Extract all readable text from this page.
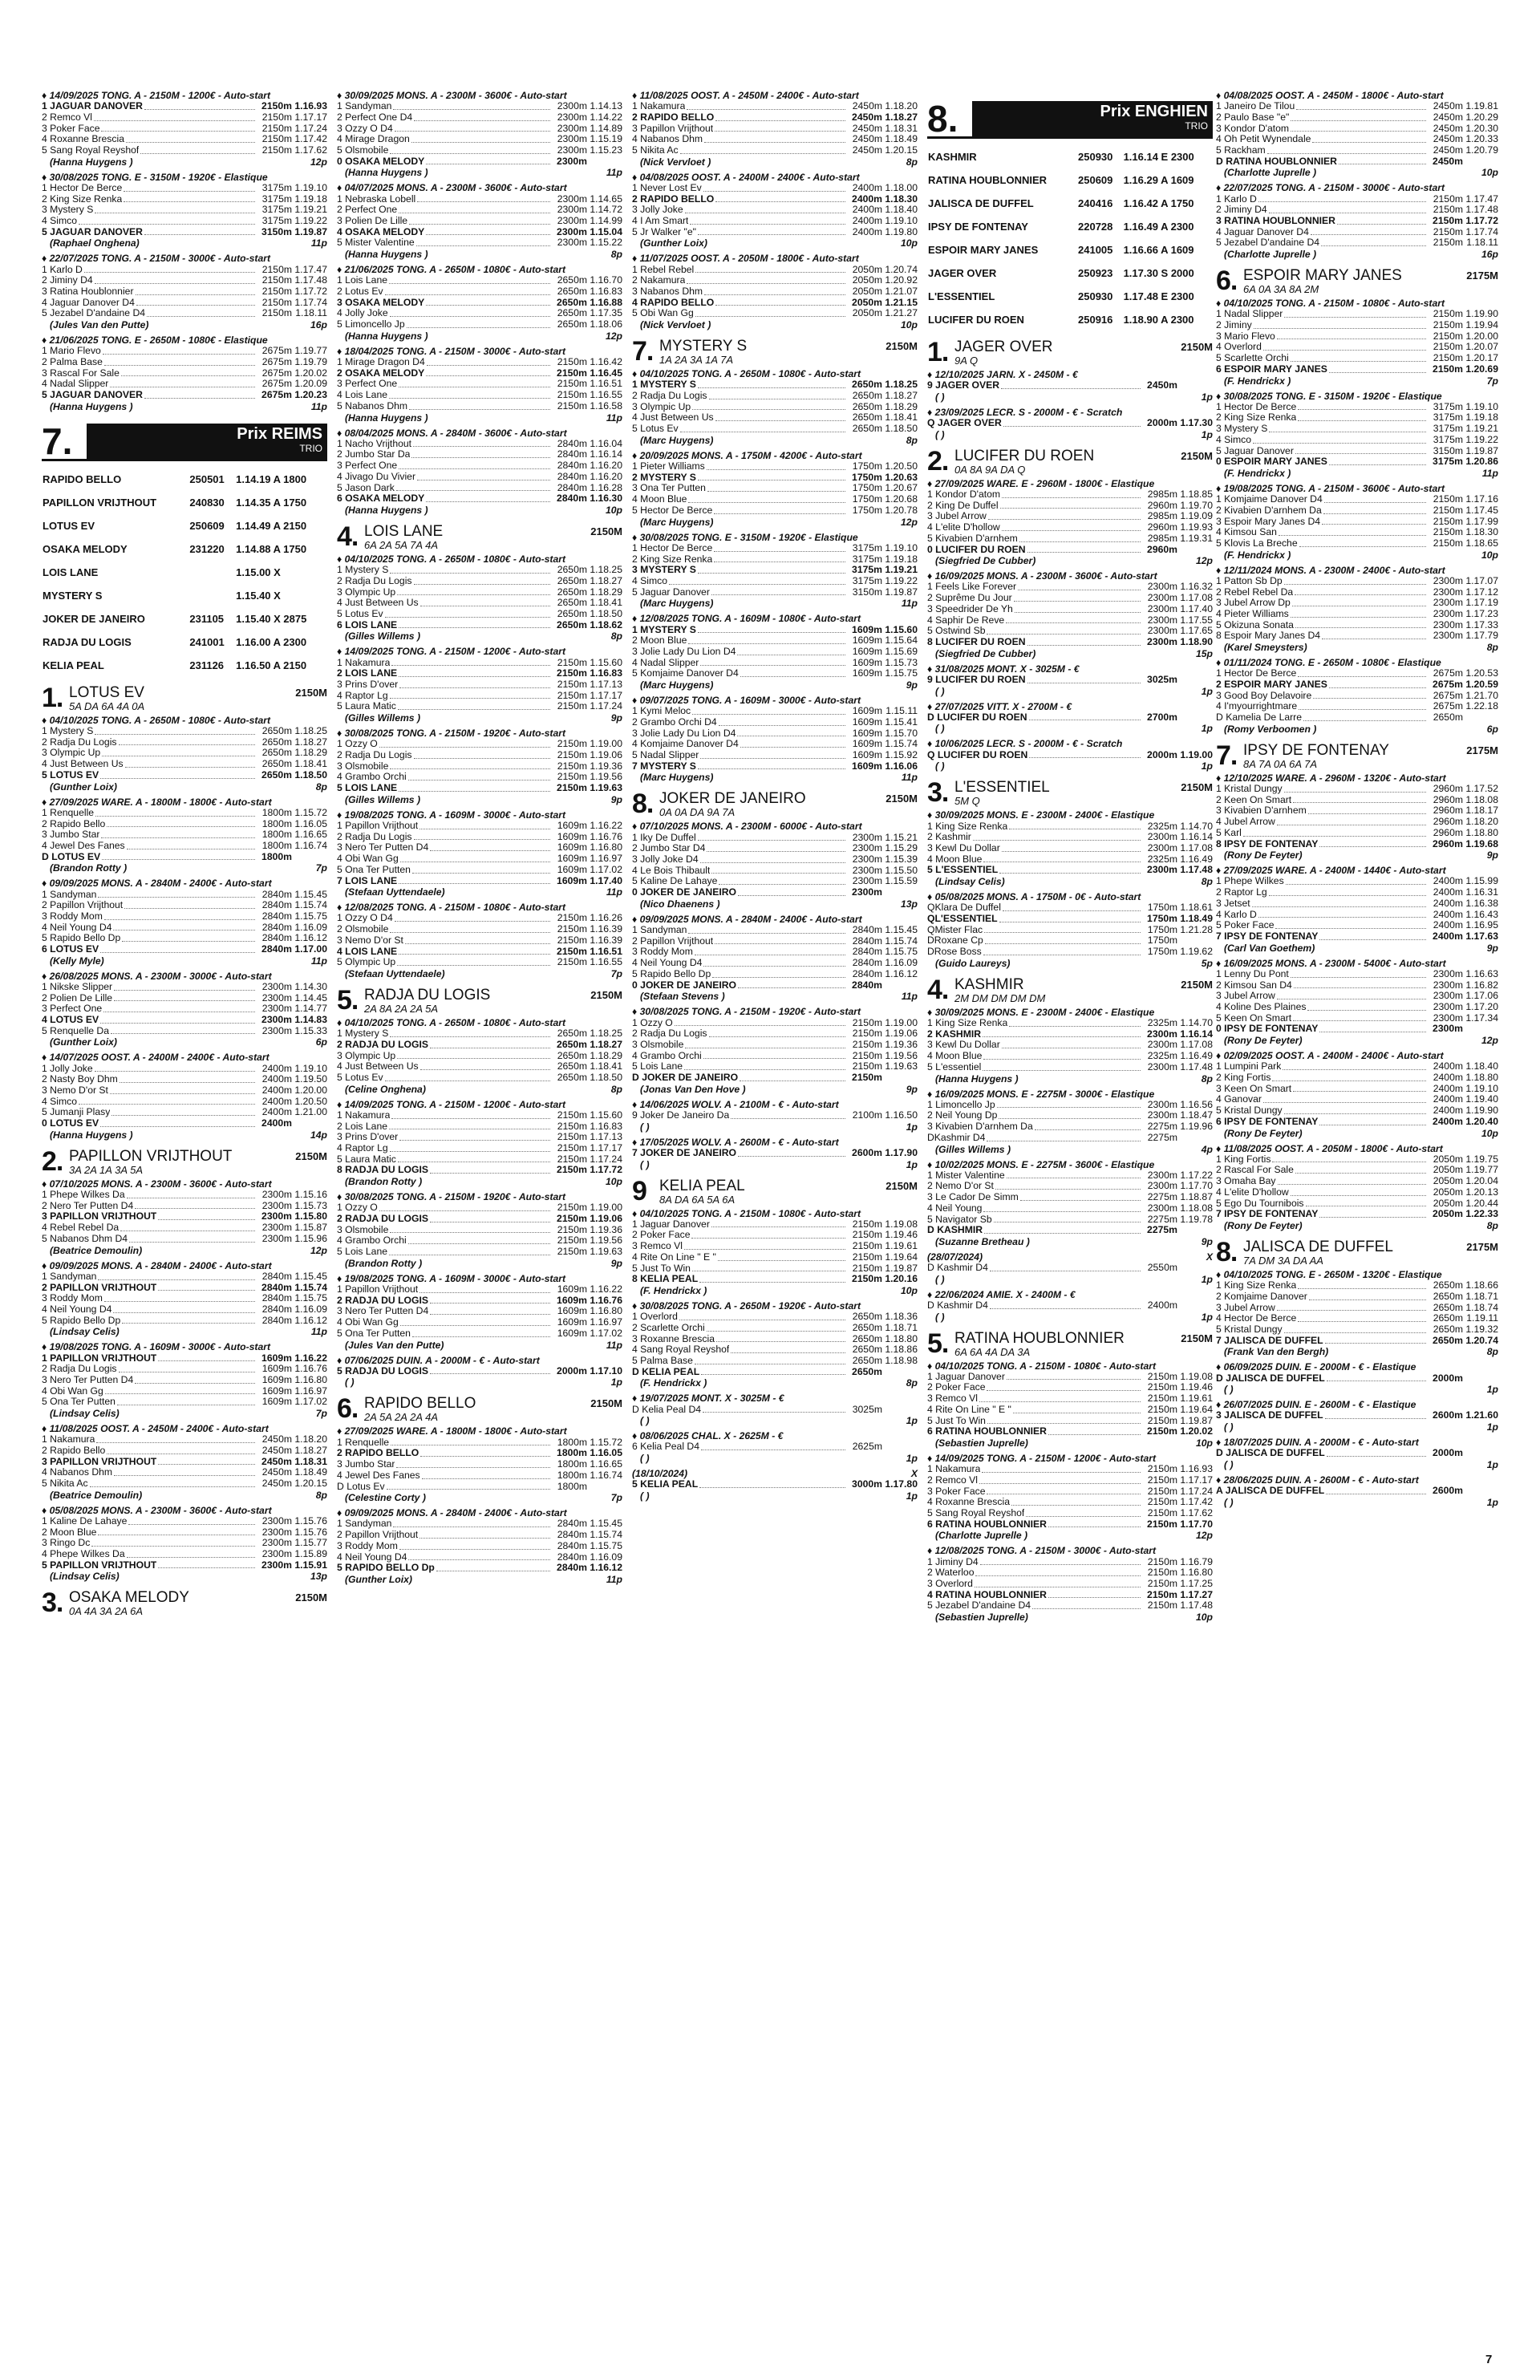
♦ 14/09/2025 TONG. A - 2150M - 1200€ - Auto-start
1 JAGUAR DANOVER	2150m 1.16.93
2 Remco Vl	2150m 1.17.17
3 Poker Face	2150m 1.17.24
4 Roxanne Brescia	2150m 1.17.42
5 Sang Royal Reyshof	2150m 1.17.62
(Hanna Huygens )	12p
♦ 30/08/2025 TONG. E - 3150M - 1920€ - Elastique
1 Hector De Berce	3175m 1.19.10
2 King Size Renka	3175m 1.19.18
3 Mystery S	3175m 1.19.21
4 Simco	3175m 1.19.22
5 JAGUAR DANOVER	3150m 1.19.87
(Raphael Onghena)	11p
♦ 22/07/2025 TONG. A - 2150M - 3000€ - Auto-start
1 Karlo D	2150m 1.17.47
2 Jiminy D4	2150m 1.17.48
3 Ratina Houblonnier	2150m 1.17.72
4 Jaguar Danover D4	2150m 1.17.74
5 Jezabel D'andaine D4	2150m 1.18.11
(Jules Van den Putte)	16p
♦ 21/06/2025 TONG. E - 2650M - 1080€ - Elastique
1 Mario Flevo	2675m 1.19.77
2 Palma Base	2675m 1.19.79
3 Rascal For Sale	2675m 1.20.02
4 Nadal Slipper	2675m 1.20.09
5 JAGUAR DANOVER	2675m 1.20.23
(Hanna Huygens )	11p
7.	Prix REIMS
TRIO
RAPIDO BELLO	250501	1.14.19 A 1800
PAPILLON VRIJTHOUT	240830	1.14.35 A 1750
LOTUS EV	250609	1.14.49 A 2150
OSAKA MELODY	231220	1.14.88 A 1750
LOIS LANE		1.15.00 X
MYSTERY S		1.15.40 X
JOKER DE JANEIRO	231105	1.15.40 X 2875
RADJA DU LOGIS	241001	1.16.00 A 2300
KELIA PEAL	231126	1.16.50 A 2150
1. LOTUS EV	2150M
5A DA 6A 4A 0A
♦ 04/10/2025 TONG. A - 2650M - 1080€ - Auto-start
1 Mystery S	2650m 1.18.25
2 Radja Du Logis	2650m 1.18.27
3 Olympic Up	2650m 1.18.29
4 Just Between Us	2650m 1.18.41
5 LOTUS EV	2650m 1.18.50
(Gunther Loix)	8p
♦ 27/09/2025 WARE. A - 1800M - 1800€ - Auto-start
1 Renquelle	1800m 1.15.72
2 Rapido Bello	1800m 1.16.05
3 Jumbo Star	1800m 1.16.65
4 Jewel Des Fanes	1800m 1.16.74
D LOTUS EV	1800m
(Brandon Rotty )	7p
♦ 09/09/2025 MONS. A - 2840M - 2400€ - Auto-start
1 Sandyman	2840m 1.15.45
2 Papillon Vrijthout	2840m 1.15.74
3 Roddy Mom	2840m 1.15.75
4 Neil Young D4	2840m 1.16.09
5 Rapido Bello Dp	2840m 1.16.12
6 LOTUS EV	2840m 1.17.00
(Kelly Myle)	11p
♦ 26/08/2025 MONS. A - 2300M - 3000€ - Auto-start
1 Nikske Slipper	2300m 1.14.30
2 Polien De Lille	2300m 1.14.45
3 Perfect One	2300m 1.14.77
4 LOTUS EV	2300m 1.14.83
5 Renquelle Da	2300m 1.15.33
(Gunther Loix)	6p
♦ 14/07/2025 OOST. A - 2400M - 2400€ - Auto-start
1 Jolly Joke	2400m 1.19.10
2 Nasty Boy Dhm	2400m 1.19.50
3 Nemo D'or St	2400m 1.20.00
4 Simco	2400m 1.20.50
5 Jumanji Plasy	2400m 1.21.00
0 LOTUS EV	2400m
(Hanna Huygens )	14p
2. PAPILLON VRIJTHOUT	2150M
3A 2A 1A 3A 5A
♦ 07/10/2025 MONS. A - 2300M - 3600€ - Auto-start
1 Phepe Wilkes Da	2300m 1.15.16
2 Nero Ter Putten D4	2300m 1.15.73
3 PAPILLON VRIJTHOUT	2300m 1.15.80
4 Rebel Rebel Da	2300m 1.15.87
5 Nabanos Dhm D4	2300m 1.15.96
(Beatrice Demoulin)	12p
♦ 09/09/2025 MONS. A - 2840M - 2400€ - Auto-start
1 Sandyman	2840m 1.15.45
2 PAPILLON VRIJTHOUT	2840m 1.15.74
3 Roddy Mom	2840m 1.15.75
4 Neil Young D4	2840m 1.16.09
5 Rapido Bello Dp	2840m 1.16.12
(Lindsay Celis)	11p
♦ 19/08/2025 TONG. A - 1609M - 3000€ - Auto-start
1 PAPILLON VRIJTHOUT	1609m 1.16.22
2 Radja Du Logis	1609m 1.16.76
3 Nero Ter Putten D4	1609m 1.16.80
4 Obi Wan Gg	1609m 1.16.97
5 Ona Ter Putten	1609m 1.17.02
(Lindsay Celis)	7p
♦ 11/08/2025 OOST. A - 2450M - 2400€ - Auto-start
1 Nakamura	2450m 1.18.20
2 Rapido Bello	2450m 1.18.27
3 PAPILLON VRIJTHOUT	2450m 1.18.31
4 Nabanos Dhm	2450m 1.18.49
5 Nikita Ac	2450m 1.20.15
(Beatrice Demoulin)	8p
♦ 05/08/2025 MONS. A - 2300M - 3600€ - Auto-start
1 Kaline De Lahaye	2300m 1.15.76
2 Moon Blue	2300m 1.15.76
3 Ringo Dc	2300m 1.15.77
4 Phepe Wilkes Da	2300m 1.15.89
5 PAPILLON VRIJTHOUT	2300m 1.15.91
(Lindsay Celis)	13p
3. OSAKA MELODY	2150M
0A 4A 3A 2A 6A
♦ 30/09/2025 MONS. A - 2300M - 3600€ - Auto-start
1 Sandyman	2300m 1.14.13
2 Perfect One D4	2300m 1.14.22
3 Ozzy O D4	2300m 1.14.89
4 Mirage Dragon	2300m 1.15.19
5 Olsmobile	2300m 1.15.23
0 OSAKA MELODY	2300m
(Hanna Huygens )	11p
♦ 04/07/2025 MONS. A - 2300M - 3600€ - Auto-start
1 Nebraska Lobell	2300m 1.14.65
2 Perfect One	2300m 1.14.72
3 Polien De Lille	2300m 1.14.99
4 OSAKA MELODY	2300m 1.15.04
5 Mister Valentine	2300m 1.15.22
(Hanna Huygens )	8p
♦ 21/06/2025 TONG. A - 2650M - 1080€ - Auto-start
1 Lois Lane	2650m 1.16.70
2 Lotus Ev	2650m 1.16.83
3 OSAKA MELODY	2650m 1.16.88
4 Jolly Joke	2650m 1.17.35
5 Limoncello Jp	2650m 1.18.06
(Hanna Huygens )	12p
♦ 18/04/2025 TONG. A - 2150M - 3000€ - Auto-start
1 Mirage Dragon D4	2150m 1.16.42
2 OSAKA MELODY	2150m 1.16.45
3 Perfect One	2150m 1.16.51
4 Lois Lane	2150m 1.16.55
5 Nabanos Dhm	2150m 1.16.58
(Hanna Huygens )	11p
♦ 08/04/2025 MONS. A - 2840M - 3600€ - Auto-start
1 Nacho Vrijthout	2840m 1.16.04
2 Jumbo Star Da	2840m 1.16.14
3 Perfect One	2840m 1.16.20
4 Jivago Du Vivier	2840m 1.16.20
5 Jason Dark	2840m 1.16.28
6 OSAKA MELODY	2840m 1.16.30
(Hanna Huygens )	10p
4. LOIS LANE	2150M
6A 2A 5A 7A 4A
♦ 04/10/2025 TONG. A - 2650M - 1080€ - Auto-start
1 Mystery S	2650m 1.18.25
2 Radja Du Logis	2650m 1.18.27
3 Olympic Up	2650m 1.18.29
4 Just Between Us	2650m 1.18.41
5 Lotus Ev	2650m 1.18.50
6 LOIS LANE	2650m 1.18.62
(Gilles Willems )	8p
♦ 14/09/2025 TONG. A - 2150M - 1200€ - Auto-start
1 Nakamura	2150m 1.15.60
2 LOIS LANE	2150m 1.16.83
3 Prins D'over	2150m 1.17.13
4 Raptor Lg	2150m 1.17.17
5 Laura Matic	2150m 1.17.24
(Gilles Willems )	9p
♦ 30/08/2025 TONG. A - 2150M - 1920€ - Auto-start
1 Ozzy O	2150m 1.19.00
2 Radja Du Logis	2150m 1.19.06
3 Olsmobile	2150m 1.19.36
4 Grambo Orchi	2150m 1.19.56
5 LOIS LANE	2150m 1.19.63
(Gilles Willems )	9p
♦ 19/08/2025 TONG. A - 1609M - 3000€ - Auto-start
1 Papillon Vrijthout	1609m 1.16.22
2 Radja Du Logis	1609m 1.16.76
3 Nero Ter Putten D4	1609m 1.16.80
4 Obi Wan Gg	1609m 1.16.97
5 Ona Ter Putten	1609m 1.17.02
7 LOIS LANE	1609m 1.17.40
(Stefaan Uyttendaele)	11p
♦ 12/08/2025 TONG. A - 2150M - 1080€ - Auto-start
1 Ozzy O D4	2150m 1.16.26
2 Olsmobile	2150m 1.16.39
3 Nemo D'or St	2150m 1.16.39
4 LOIS LANE	2150m 1.16.51
5 Olympic Up	2150m 1.16.55
(Stefaan Uyttendaele)	7p
5. RADJA DU LOGIS	2150M
2A 8A 2A 2A 5A
♦ 04/10/2025 TONG. A - 2650M - 1080€ - Auto-start
1 Mystery S	2650m 1.18.25
2 RADJA DU LOGIS	2650m 1.18.27
3 Olympic Up	2650m 1.18.29
4 Just Between Us	2650m 1.18.41
5 Lotus Ev	2650m 1.18.50
(Celine Onghena)	8p
♦ 14/09/2025 TONG. A - 2150M - 1200€ - Auto-start
1 Nakamura	2150m 1.15.60
2 Lois Lane	2150m 1.16.83
3 Prins D'over	2150m 1.17.13
4 Raptor Lg	2150m 1.17.17
5 Laura Matic	2150m 1.17.24
8 RADJA DU LOGIS	2150m 1.17.72
(Brandon Rotty )	10p
♦ 30/08/2025 TONG. A - 2150M - 1920€ - Auto-start
1 Ozzy O	2150m 1.19.00
2 RADJA DU LOGIS	2150m 1.19.06
3 Olsmobile	2150m 1.19.36
4 Grambo Orchi	2150m 1.19.56
5 Lois Lane	2150m 1.19.63
(Brandon Rotty )	9p
♦ 19/08/2025 TONG. A - 1609M - 3000€ - Auto-start
1 Papillon Vrijthout	1609m 1.16.22
2 RADJA DU LOGIS	1609m 1.16.76
3 Nero Ter Putten D4	1609m 1.16.80
4 Obi Wan Gg	1609m 1.16.97
5 Ona Ter Putten	1609m 1.17.02
(Jules Van den Putte)	11p
♦ 07/06/2025 DUIN. A - 2000M - € - Auto-start
5 RADJA DU LOGIS	2000m 1.17.10
( )	1p
6. RAPIDO BELLO	2150M
2A 5A 2A 2A 4A
♦ 27/09/2025 WARE. A - 1800M - 1800€ - Auto-start
1 Renquelle	1800m 1.15.72
2 RAPIDO BELLO	1800m 1.16.05
3 Jumbo Star	1800m 1.16.65
4 Jewel Des Fanes	1800m 1.16.74
D Lotus Ev	1800m
(Celestine Corty )	7p
♦ 09/09/2025 MONS. A - 2840M - 2400€ - Auto-start
1 Sandyman	2840m 1.15.45
2 Papillon Vrijthout	2840m 1.15.74
3 Roddy Mom	2840m 1.15.75
4 Neil Young D4	2840m 1.16.09
5 RAPIDO BELLO Dp	2840m 1.16.12
(Gunther Loix)	11p
♦ 11/08/2025 OOST. A - 2450M - 2400€ - Auto-start
1 Nakamura	2450m 1.18.20
2 RAPIDO BELLO	2450m 1.18.27
3 Papillon Vrijthout	2450m 1.18.31
4 Nabanos Dhm	2450m 1.18.49
5 Nikita Ac	2450m 1.20.15
(Nick Vervloet )	8p
♦ 04/08/2025 OOST. A - 2400M - 2400€ - Auto-start
1 Never Lost Ev	2400m 1.18.00
2 RAPIDO BELLO	2400m 1.18.30
3 Jolly Joke	2400m 1.18.40
4 I Am Smart	2400m 1.19.10
5 Jr Walker "e"	2400m 1.19.80
(Gunther Loix)	10p
♦ 11/07/2025 OOST. A - 2050M - 1800€ - Auto-start
1 Rebel Rebel	2050m 1.20.74
2 Nakamura	2050m 1.20.92
3 Nabanos Dhm	2050m 1.21.07
4 RAPIDO BELLO	2050m 1.21.15
5 Obi Wan Gg	2050m 1.21.27
(Nick Vervloet )	10p
7. MYSTERY S	2150M
1A 2A 3A 1A 7A
♦ 04/10/2025 TONG. A - 2650M - 1080€ - Auto-start
1 MYSTERY S	2650m 1.18.25
2 Radja Du Logis	2650m 1.18.27
3 Olympic Up	2650m 1.18.29
4 Just Between Us	2650m 1.18.41
5 Lotus Ev	2650m 1.18.50
(Marc Huygens)	8p
♦ 20/09/2025 MONS. A - 1750M - 4200€ - Auto-start
1 Pieter Williams	1750m 1.20.50
2 MYSTERY S	1750m 1.20.63
3 Ona Ter Putten	1750m 1.20.67
4 Moon Blue	1750m 1.20.68
5 Hector De Berce	1750m 1.20.78
(Marc Huygens)	12p
♦ 30/08/2025 TONG. E - 3150M - 1920€ - Elastique
1 Hector De Berce	3175m 1.19.10
2 King Size Renka	3175m 1.19.18
3 MYSTERY S	3175m 1.19.21
4 Simco	3175m 1.19.22
5 Jaguar Danover	3150m 1.19.87
(Marc Huygens)	11p
♦ 12/08/2025 TONG. A - 1609M - 1080€ - Auto-start
1 MYSTERY S	1609m 1.15.60
2 Moon Blue	1609m 1.15.64
3 Jolie Lady Du Lion D4	1609m 1.15.69
4 Nadal Slipper	1609m 1.15.73
5 Komjaime Danover D4	1609m 1.15.75
(Marc Huygens)	9p
♦ 09/07/2025 TONG. A - 1609M - 3000€ - Auto-start
1 Kymi Meloc	1609m 1.15.11
2 Grambo Orchi D4	1609m 1.15.41
3 Jolie Lady Du Lion D4	1609m 1.15.70
4 Komjaime Danover D4	1609m 1.15.74
5 Nadal Slipper	1609m 1.15.92
7 MYSTERY S	1609m 1.16.06
(Marc Huygens)	11p
8. JOKER DE JANEIRO	2150M
0A 0A DA 9A 7A
♦ 07/10/2025 MONS. A - 2300M - 6000€ - Auto-start
1 Iky De Duffel	2300m 1.15.21
2 Jumbo Star D4	2300m 1.15.29
3 Jolly Joke D4	2300m 1.15.39
4 Le Bois Thibault	2300m 1.15.50
5 Kaline De Lahaye	2300m 1.15.59
0 JOKER DE JANEIRO	2300m
(Nico Dhaenens )	13p
♦ 09/09/2025 MONS. A - 2840M - 2400€ - Auto-start
1 Sandyman	2840m 1.15.45
2 Papillon Vrijthout	2840m 1.15.74
3 Roddy Mom	2840m 1.15.75
4 Neil Young D4	2840m 1.16.09
5 Rapido Bello Dp	2840m 1.16.12
0 JOKER DE JANEIRO	2840m
(Stefaan Stevens )	11p
♦ 30/08/2025 TONG. A - 2150M - 1920€ - Auto-start
1 Ozzy O	2150m 1.19.00
2 Radja Du Logis	2150m 1.19.06
3 Olsmobile	2150m 1.19.36
4 Grambo Orchi	2150m 1.19.56
5 Lois Lane	2150m 1.19.63
D JOKER DE JANEIRO	2150m
(Jonas Van Den Hove )	9p
♦ 14/06/2025 WOLV. A - 2100M - € - Auto-start
9 Joker De Janeiro Da	2100m 1.16.50
( )	1p
♦ 17/05/2025 WOLV. A - 2600M - € - Auto-start
7 JOKER DE JANEIRO	2600m 1.17.90
( )	1p
9 KELIA PEAL	2150M
8A DA 6A 5A 6A
♦ 04/10/2025 TONG. A - 2150M - 1080€ - Auto-start
1 Jaguar Danover	2150m 1.19.08
2 Poker Face	2150m 1.19.46
3 Remco Vl	2150m 1.19.61
4 Rite On Line " E "	2150m 1.19.64
5 Just To Win	2150m 1.19.87
8 KELIA PEAL	2150m 1.20.16
(F. Hendrickx )	10p
♦ 30/08/2025 TONG. A - 2650M - 1920€ - Auto-start
1 Overlord	2650m 1.18.36
2 Scarlette Orchi	2650m 1.18.71
3 Roxanne Brescia	2650m 1.18.80
4 Sang Royal Reyshof	2650m 1.18.86
5 Palma Base	2650m 1.18.98
D KELIA PEAL	2650m
(F. Hendrickx )	8p
♦ 19/07/2025 MONT. X - 3025M - €
D Kelia Peal D4	3025m
( )	1p
♦ 08/06/2025 CHAL. X - 2625M - €
6 Kelia Peal D4	2625m
( )	1p
(18/10/2024)	X
5 KELIA PEAL	3000m 1.17.80
( )	1p
8.	Prix ENGHIEN
TRIO
KASHMIR	250930	1.16.14 E 2300
RATINA HOUBLONNIER	250609	1.16.29 A 1609
JALISCA DE DUFFEL	240416	1.16.42 A 1750
IPSY DE FONTENAY	220728	1.16.49 A 2300
ESPOIR MARY JANES	241005	1.16.66 A 1609
JAGER OVER	250923	1.17.30 S 2000
L'ESSENTIEL	250930	1.17.48 E 2300
LUCIFER DU ROEN	250916	1.18.90 A 2300
1. JAGER OVER	2150M
9A Q
♦ 12/10/2025 JARN. X - 2450M - €
9 JAGER OVER	2450m
( )	1p
♦ 23/09/2025 LECR. S - 2000M - € - Scratch
Q JAGER OVER	2000m 1.17.30
( )	1p
2. LUCIFER DU ROEN	2150M
0A 8A 9A DA Q
♦ 27/09/2025 WARE. E - 2960M - 1800€ - Elastique
1 Kondor D'atom	2985m 1.18.85
2 King De Duffel	2960m 1.19.70
3 Jubel Arrow	2985m 1.19.09
4 L'elite D'hollow	2960m 1.19.93
5 Kivabien D'arnhem	2985m 1.19.31
0 LUCIFER DU ROEN	2960m
(Siegfried De Cubber)	12p
♦ 16/09/2025 MONS. A - 2300M - 3600€ - Auto-start
1 Feels Like Forever	2300m 1.16.32
2 Suprême Du Jour	2300m 1.17.08
3 Speedrider De Yh	2300m 1.17.40
4 Saphir De Reve	2300m 1.17.55
5 Ostwind Sb	2300m 1.17.65
8 LUCIFER DU ROEN	2300m 1.18.90
(Siegfried De Cubber)	15p
♦ 31/08/2025 MONT. X - 3025M - €
9 LUCIFER DU ROEN	3025m
( )	1p
♦ 27/07/2025 VITT. X - 2700M - €
D LUCIFER DU ROEN	2700m
( )	1p
♦ 10/06/2025 LECR. S - 2000M - € - Scratch
Q LUCIFER DU ROEN	2000m 1.19.00
( )	1p
3. L'ESSENTIEL	2150M
5M Q
♦ 30/09/2025 MONS. E - 2300M - 2400€ - Elastique
1 King Size Renka	2325m 1.14.70
2 Kashmir	2300m 1.16.14
3 Kewl Du Dollar	2300m 1.17.08
4 Moon Blue	2325m 1.16.49
5 L'ESSENTIEL	2300m 1.17.48
(Lindsay Celis)	8p
♦ 05/08/2025 MONS. A - 1750M - 0€ - Auto-start
QKlara De Duffel	1750m 1.18.61
QL'ESSENTIEL	1750m 1.18.49
QMister Flac	1750m 1.21.28
DRoxane Cp	1750m
DRose Boss	1750m 1.19.62
(Guido Laureys)	5p
4. KASHMIR	2150M
2M DM DM DM DM
♦ 30/09/2025 MONS. E - 2300M - 2400€ - Elastique
1 King Size Renka	2325m 1.14.70
2 KASHMIR	2300m 1.16.14
3 Kewl Du Dollar	2300m 1.17.08
4 Moon Blue	2325m 1.16.49
5 L'essentiel	2300m 1.17.48
(Hanna Huygens )	8p
♦ 16/09/2025 MONS. E - 2275M - 3000€ - Elastique
1 Limoncello Jp	2300m 1.16.56
2 Neil Young Dp	2300m 1.18.47
3 Kivabien D'arnhem Da	2275m 1.19.96
DKashmir D4	2275m
(Gilles Willems )	4p
♦ 10/02/2025 MONS. E - 2275M - 3600€ - Elastique
1 Mister Valentine	2300m 1.17.22
2 Nemo D'or St	2300m 1.17.70
3 Le Cador De Simm	2275m 1.18.87
4 Neil Young	2300m 1.18.08
5 Navigator Sb	2275m 1.19.78
D KASHMIR	2275m
(Suzanne Bretheau )	9p
(28/07/2024)	X
D Kashmir D4	2550m
( )	1p
♦ 22/06/2024 AMIE. X - 2400M - €
D Kashmir D4	2400m
( )	1p
5. RATINA HOUBLONNIER	2150M
6A 6A 4A DA 3A
♦ 04/10/2025 TONG. A - 2150M - 1080€ - Auto-start
1 Jaguar Danover	2150m 1.19.08
2 Poker Face	2150m 1.19.46
3 Remco Vl	2150m 1.19.61
4 Rite On Line " E "	2150m 1.19.64
5 Just To Win	2150m 1.19.87
6 RATINA HOUBLONNIER	2150m 1.20.02
(Sebastien Juprelle)	10p
♦ 14/09/2025 TONG. A - 2150M - 1200€ - Auto-start
1 Nakamura	2150m 1.16.93
2 Remco Vl	2150m 1.17.17
3 Poker Face	2150m 1.17.24
4 Roxanne Brescia	2150m 1.17.42
5 Sang Royal Reyshof	2150m 1.17.62
6 RATINA HOUBLONNIER	2150m 1.17.70
(Charlotte Juprelle )	12p
♦ 12/08/2025 TONG. A - 2150M - 3000€ - Auto-start
1 Jiminy D4	2150m 1.16.79
2 Waterloo	2150m 1.16.80
3 Overlord	2150m 1.17.25
4 RATINA HOUBLONNIER	2150m 1.17.27
5 Jezabel D'andaine D4	2150m 1.17.48
(Sebastien Juprelle)	10p
♦ 04/08/2025 OOST. A - 2450M - 1800€ - Auto-start
1 Janeiro De Tilou	2450m 1.19.81
2 Paulo Base "e"	2450m 1.20.29
3 Kondor D'atom	2450m 1.20.30
4 Oh Petit Wynendale	2450m 1.20.33
5 Rackham	2450m 1.20.79
D RATINA HOUBLONNIER	2450m
(Charlotte Juprelle )	10p
♦ 22/07/2025 TONG. A - 2150M - 3000€ - Auto-start
1 Karlo D	2150m 1.17.47
2 Jiminy D4	2150m 1.17.48
3 RATINA HOUBLONNIER	2150m 1.17.72
4 Jaguar Danover D4	2150m 1.17.74
5 Jezabel D'andaine D4	2150m 1.18.11
(Charlotte Juprelle )	16p
6. ESPOIR MARY JANES	2175M
6A 0A 3A 8A 2M
♦ 04/10/2025 TONG. A - 2150M - 1080€ - Auto-start
1 Nadal Slipper	2150m 1.19.90
2 Jiminy	2150m 1.19.94
3 Mario Flevo	2150m 1.20.00
4 Overlord	2150m 1.20.07
5 Scarlette Orchi	2150m 1.20.17
6 ESPOIR MARY JANES	2150m 1.20.69
(F. Hendrickx )	7p
♦ 30/08/2025 TONG. E - 3150M - 1920€ - Elastique
1 Hector De Berce	3175m 1.19.10
2 King Size Renka	3175m 1.19.18
3 Mystery S	3175m 1.19.21
4 Simco	3175m 1.19.22
5 Jaguar Danover	3150m 1.19.87
0 ESPOIR MARY JANES	3175m 1.20.86
(F. Hendrickx )	11p
♦ 19/08/2025 TONG. A - 2150M - 3600€ - Auto-start
1 Komjaime Danover D4	2150m 1.17.16
2 Kivabien D'arnhem Da	2150m 1.17.45
3 Espoir Mary Janes D4	2150m 1.17.99
4 Kimsou San	2150m 1.18.30
5 Klovis La Breche	2150m 1.18.65
(F. Hendrickx )	10p
♦ 12/11/2024 MONS. A - 2300M - 2400€ - Auto-start
1 Patton Sb Dp	2300m 1.17.07
2 Rebel Rebel Da	2300m 1.17.12
3 Jubel Arrow Dp	2300m 1.17.19
4 Pieter Williams	2300m 1.17.23
5 Okizuna Sonata	2300m 1.17.33
8 Espoir Mary Janes D4	2300m 1.17.79
(Karel Smeysters)	8p
♦ 01/11/2024 TONG. E - 2650M - 1080€ - Elastique
1 Hector De Berce	2675m 1.20.53
2 ESPOIR MARY JANES	2675m 1.20.59
3 Good Boy Delavoire	2675m 1.21.70
4 I'myourrightmare	2675m 1.22.18
D Kamelia De Larre	2650m
(Romy Verboomen )	6p
7. IPSY DE FONTENAY	2175M
8A 7A 0A 6A 7A
♦ 12/10/2025 WARE. A - 2960M - 1320€ - Auto-start
1 Kristal Dungy	2960m 1.17.52
2 Keen On Smart	2960m 1.18.08
3 Kivabien D'arnhem	2960m 1.18.17
4 Jubel Arrow	2960m 1.18.20
5 Karl	2960m 1.18.80
8 IPSY DE FONTENAY	2960m 1.19.68
(Rony De Feyter)	9p
♦ 27/09/2025 WARE. A - 2400M - 1440€ - Auto-start
1 Phepe Wilkes	2400m 1.15.99
2 Raptor Lg	2400m 1.16.31
3 Jetset	2400m 1.16.38
4 Karlo D	2400m 1.16.43
5 Poker Face	2400m 1.16.95
7 IPSY DE FONTENAY	2400m 1.17.63
(Carl Van Goethem)	9p
♦ 16/09/2025 MONS. A - 2300M - 5400€ - Auto-start
1 Lenny Du Pont	2300m 1.16.63
2 Kimsou San D4	2300m 1.16.82
3 Jubel Arrow	2300m 1.17.06
4 Koline Des Plaines	2300m 1.17.20
5 Keen On Smart	2300m 1.17.34
0 IPSY DE FONTENAY	2300m
(Rony De Feyter)	12p
♦ 02/09/2025 OOST. A - 2400M - 2400€ - Auto-start
1 Lumpini Park	2400m 1.18.40
2 King Fortis	2400m 1.18.80
3 Keen On Smart	2400m 1.19.10
4 Ganovar	2400m 1.19.40
5 Kristal Dungy	2400m 1.19.90
6 IPSY DE FONTENAY	2400m 1.20.40
(Rony De Feyter)	10p
♦ 11/08/2025 OOST. A - 2050M - 1800€ - Auto-start
1 King Fortis	2050m 1.19.75
2 Rascal For Sale	2050m 1.19.77
3 Omaha Bay	2050m 1.20.04
4 L'elite D'hollow	2050m 1.20.13
5 Ego Du Tournibois	2050m 1.20.44
7 IPSY DE FONTENAY	2050m 1.22.33
(Rony De Feyter)	8p
8. JALISCA DE DUFFEL	2175M
7A DM 3A DA AA
♦ 04/10/2025 TONG. E - 2650M - 1320€ - Elastique
1 King Size Renka	2650m 1.18.66
2 Komjaime Danover	2650m 1.18.71
3 Jubel Arrow	2650m 1.18.74
4 Hector De Berce	2650m 1.19.11
5 Kristal Dungy	2650m 1.19.32
7 JALISCA DE DUFFEL	2650m 1.20.74
(Frank Van den Bergh)	8p
♦ 06/09/2025 DUIN. E - 2000M - € - Elastique
D JALISCA DE DUFFEL	2000m
( )	1p
♦ 26/07/2025 DUIN. E - 2600M - € - Elastique
3 JALISCA DE DUFFEL	2600m 1.21.60
( )	1p
♦ 18/07/2025 DUIN. A - 2000M - € - Auto-start
D JALISCA DE DUFFEL	2000m
( )	1p
♦ 28/06/2025 DUIN. A - 2600M - € - Auto-start
A JALISCA DE DUFFEL	2600m
( )	1p
7
